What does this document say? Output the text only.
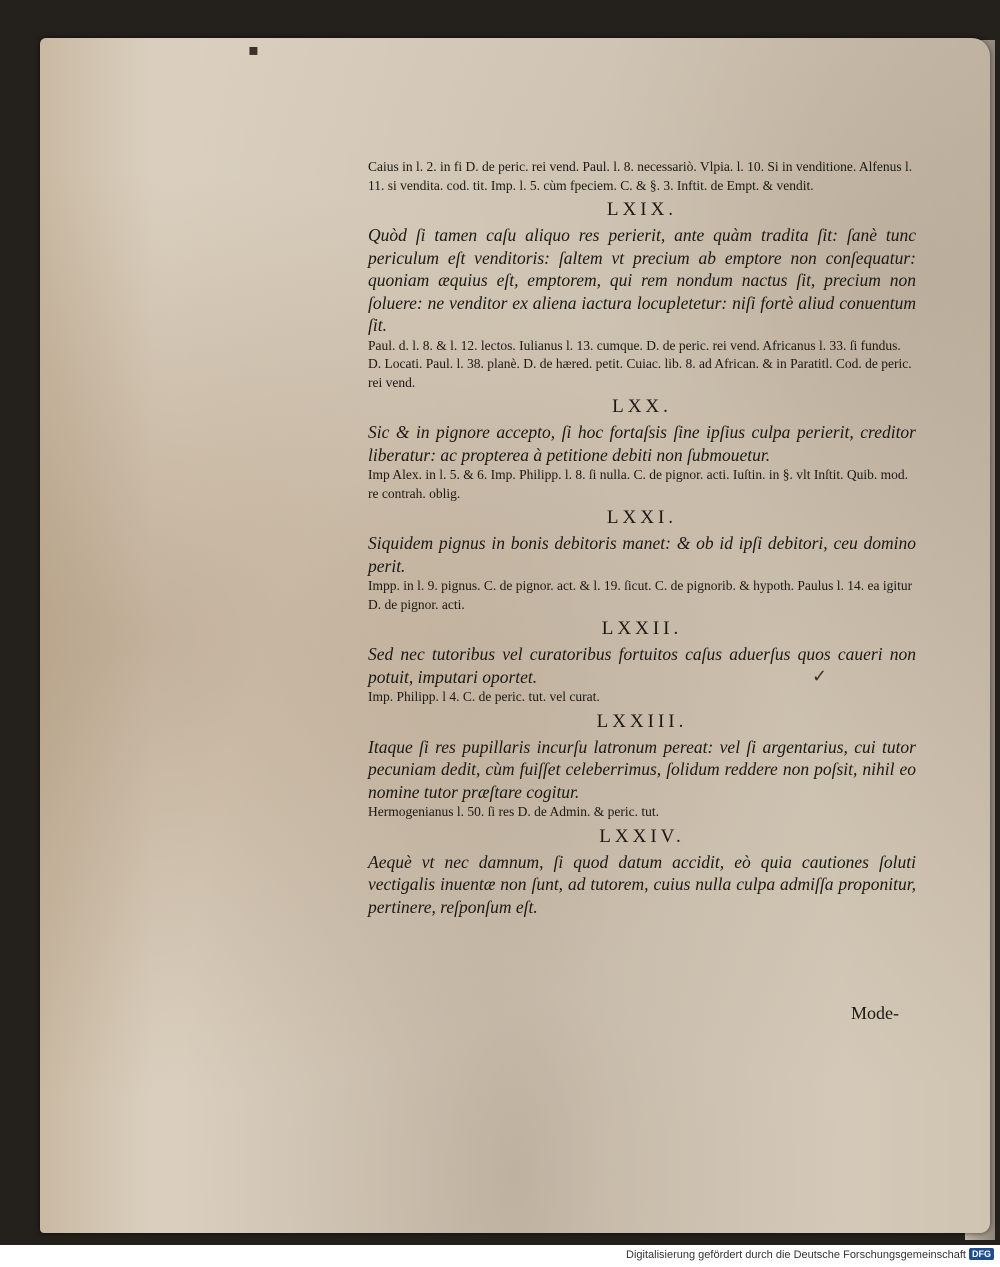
▪
✓

Caius in l. 2. in fi D. de peric. rei vend. Paul. l. 8. necessariò. Vlpia. l. 10. Si in venditione. Alfenus l. 11. si vendita. cod. tit. Imp. l. 5. cùm fpeciem. C. & §. 3. Inftit. de Empt. & vendit.

LXIX.

Quòd ſi tamen caſu aliquo res perierit, ante quàm tradita ſit: ſanè tunc periculum eſt venditoris: ſaltem vt precium ab emptore non conſequatur: quoniam æquius eſt, emptorem, qui rem nondum nactus ſit, precium non ſoluere: ne venditor ex aliena iactura locupletetur: niſi fortè aliud conuentum ſit.

Paul. d. l. 8. & l. 12. lectos. Iulianus l. 13. cumque. D. de peric. rei vend. Africanus l. 33. ſi fundus. D. Locati. Paul. l. 38. planè. D. de hæred. petit. Cuiac. lib. 8. ad African. & in Paratitl. Cod. de peric. rei vend.

LXX.

Sic & in pignore accepto, ſi hoc fortaſsis ſine ipſius culpa perierit, creditor liberatur: ac propterea à petitione debiti non ſubmouetur.

Imp Alex. in l. 5. & 6. Imp. Philipp. l. 8. ſi nulla. C. de pignor. acti. Iuſtin. in §. vlt Inſtit. Quib. mod. re contrah. oblig.

LXXI.

Siquidem pignus in bonis debitoris manet: & ob id ipſi debitori, ceu domino perit.

Impp. in l. 9. pignus. C. de pignor. act. & l. 19. ſicut. C. de pignorib. & hypoth. Paulus l. 14. ea igitur D. de pignor. acti.

LXXII.

Sed nec tutoribus vel curatoribus fortuitos caſus aduerſus quos caueri non potuit, imputari oportet.

Imp. Philipp. l 4. C. de peric. tut. vel curat.

LXXIII.

Itaque ſi res pupillaris incurſu latronum pereat: vel ſi argentarius, cui tutor pecuniam dedit, cùm fuiſſet celeberrimus, ſolidum reddere non poſsit, nihil eo nomine tutor præſtare cogitur.

Hermogenianus l. 50. ſi res D. de Admin. & peric. tut.

LXXIV.

Aequè vt nec damnum, ſi quod datum accidit, eò quia cautiones ſoluti vectigalis inuentæ non ſunt, ad tutorem, cuius nulla culpa admiſſa proponitur, pertinere, reſponſum eſt.

Mode-
Digitalisierung gefördert durch die Deutsche Forschungsgemeinschaft DFG
